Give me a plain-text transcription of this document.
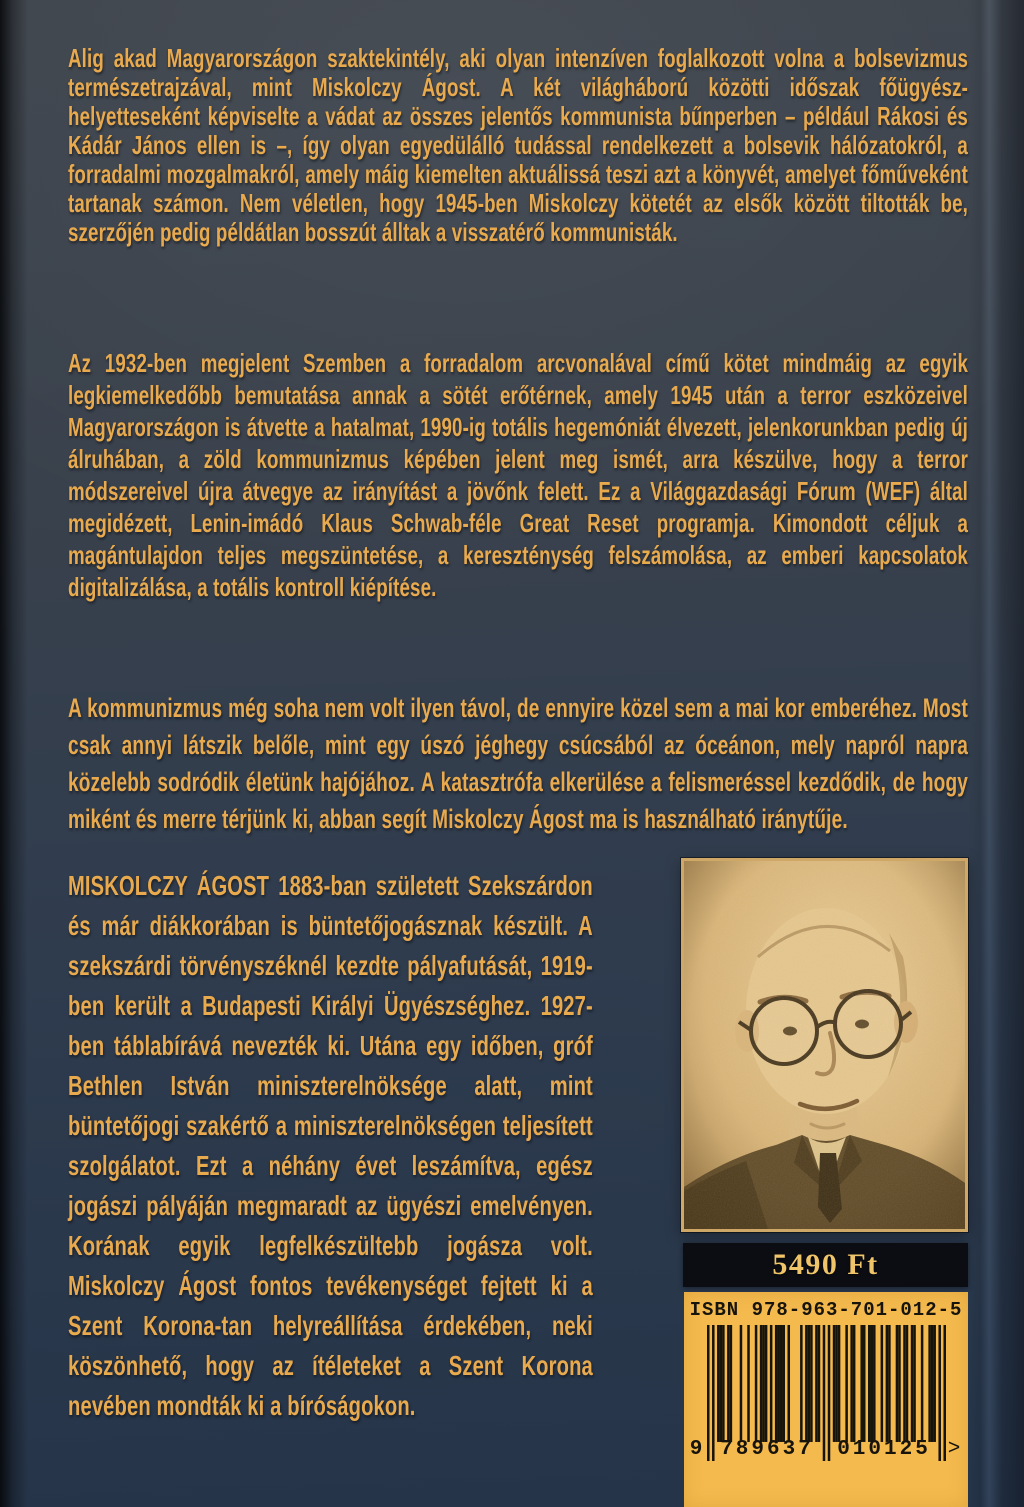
Alig akad Magyarországon szaktekintély, aki olyan intenzíven foglalkozott volna a bolsevizmus természetrajzával, mint Miskolczy Ágost. A két világháború közötti időszak főügyész-helyetteseként képviselte a vádat az összes jelentős kommunista bűnperben – például Rákosi és Kádár János ellen is –, így olyan egyedülálló tudással rendelkezett a bolsevik hálózatokról, a forradalmi mozgalmakról, amely máig kiemelten aktuálissá teszi azt a könyvét, amelyet főműveként tartanak számon. Nem véletlen, hogy 1945-ben Miskolczy kötetét az elsők között tiltották be, szerzőjén pedig példátlan bosszút álltak a visszatérő kommunisták.
Az 1932-ben megjelent Szemben a forradalom arcvonalával című kötet mindmáig az egyik legkiemelkedőbb bemutatása annak a sötét erőtérnek, amely 1945 után a terror eszközeivel Magyarországon is átvette a hatalmat, 1990-ig totális hegemóniát élvezett, jelenkorunkban pedig új álruhában, a zöld kommunizmus képében jelent meg ismét, arra készülve, hogy a terror módszereivel újra átvegye az irányítást a jövőnk felett. Ez a Világgazdasági Fórum (WEF) által megidézett, Lenin-imádó Klaus Schwab-féle Great Reset programja. Kimondott céljuk a magántulajdon teljes megszüntetése, a kereszténység felszámolása, az emberi kapcsolatok digitalizálása, a totális kontroll kiépítése.
A kommunizmus még soha nem volt ilyen távol, de ennyire közel sem a mai kor emberéhez. Most csak annyi látszik belőle, mint egy úszó jéghegy csúcsából az óceánon, mely napról napra közelebb sodródik életünk hajójához. A katasztrófa elkerülése a felismeréssel kezdődik, de hogy miként és merre térjünk ki, abban segít Miskolczy Ágost ma is használható iránytűje.
MISKOLCZY ÁGOST 1883-ban született Szekszárdon és már diákkorában is büntetőjogásznak készült. A szekszárdi törvényszéknél kezdte pályafutását, 1919-ben került a Budapesti Királyi Ügyészséghez. 1927-ben táblabírává nevezték ki. Utána egy időben, gróf Bethlen István miniszterelnöksége alatt, mint büntetőjogi szakértő a miniszterelnökségen teljesített szolgálatot. Ezt a néhány évet leszámítva, egész jogászi pályáján megmaradt az ügyészi emelvényen. Korának egyik legfelkészültebb jogásza volt. Miskolczy Ágost fontos tevékenységet fejtett ki a Szent Korona-tan helyreállítása érdekében, neki köszönhető, hogy az ítéleteket a Szent Korona nevében mondták ki a bíróságokon.
5490 Ft
ISBN 978-963-701-012-5
9 789637 010125 >
